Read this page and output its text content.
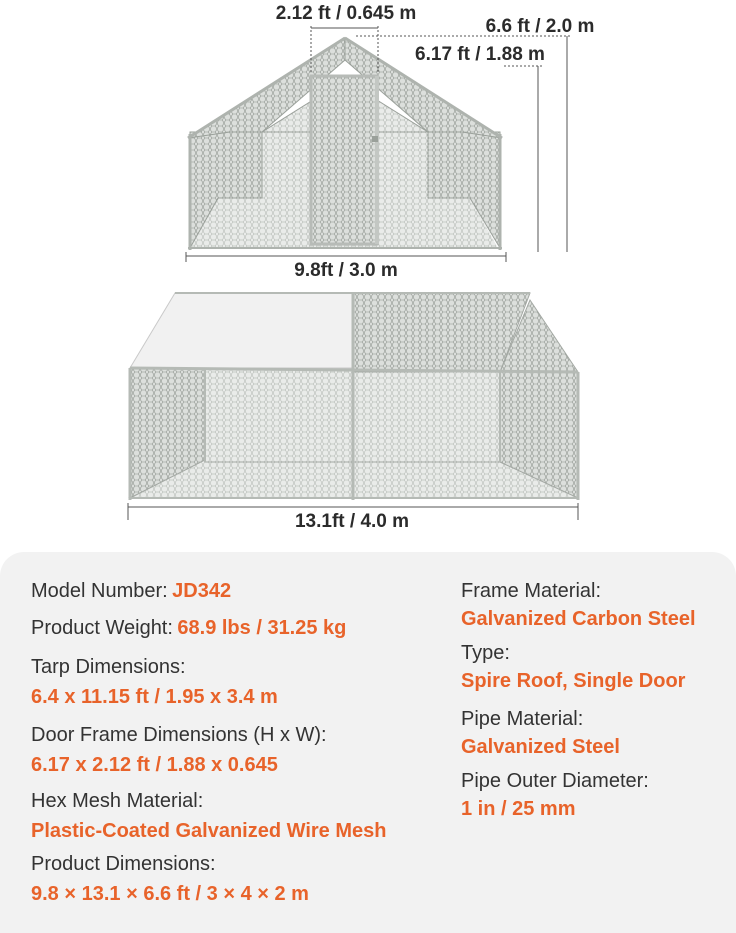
2.12 ft / 0.645 m
6.6 ft / 2.0 m
6.17 ft / 1.88 m
9.8ft / 3.0 m
13.1ft / 4.0 m
Model Number: JD342
Product Weight: 68.9 lbs / 31.25 kg
Tarp Dimensions:
6.4 x 11.15 ft / 1.95 x 3.4 m
Door Frame Dimensions (H x W):
6.17 x 2.12 ft / 1.88 x 0.645
Hex Mesh Material:
Plastic-Coated Galvanized Wire Mesh
Product Dimensions:
9.8 × 13.1 × 6.6 ft / 3 × 4 × 2 m
Frame Material:
Galvanized Carbon Steel
Type:
Spire Roof, Single Door
Pipe Material:
Galvanized Steel
Pipe Outer Diameter:
1 in / 25 mm
